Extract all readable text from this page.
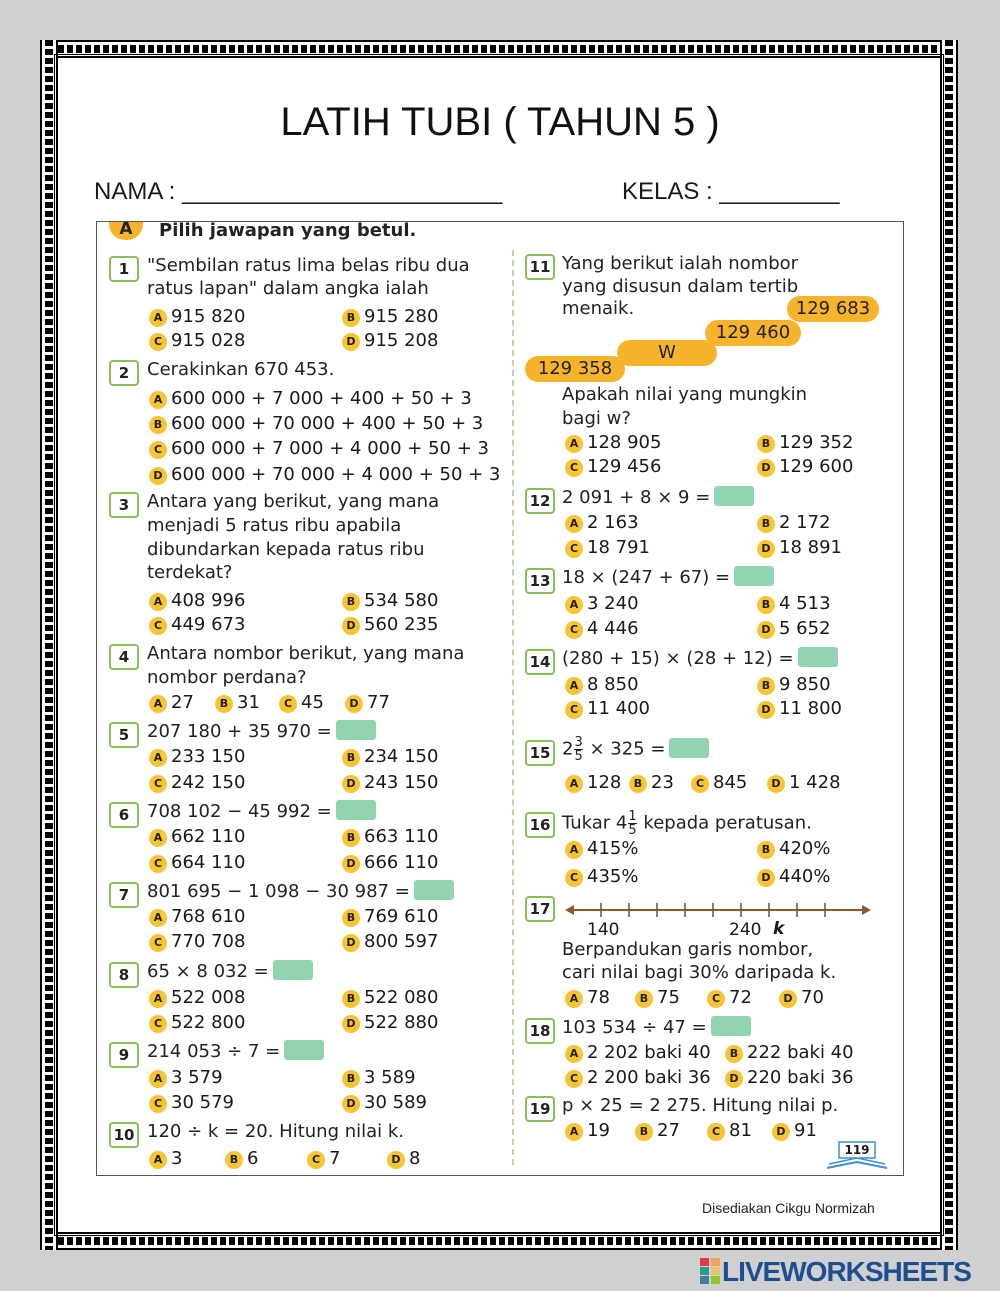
LATIH TUBI ( TAHUN 5 )
NAMA : ________________________	KELAS : _________
A	Pilih jawapan yang betul.
1 "Sembilan ratus lima belas ribu dua
ratus lapan" dalam angka ialah
A 915 820	B 915 280
C 915 028	D 915 208
2 Cerakinkan 670 453.
A 600 000 + 7 000 + 400 + 50 + 3
B 600 000 + 70 000 + 400 + 50 + 3
C 600 000 + 7 000 + 4 000 + 50 + 3
D 600 000 + 70 000 + 4 000 + 50 + 3
3 Antara yang berikut, yang mana
menjadi 5 ratus ribu apabila
dibundarkan kepada ratus ribu
terdekat?
A 408 996	B 534 580
C 449 673	D 560 235
4 Antara nombor berikut, yang mana
nombor perdana?
A 27	B 31	C 45	D 77
5 207 180 + 35 970 =
A 233 150	B 234 150
C 242 150	D 243 150
6 708 102 − 45 992 =
A 662 110	B 663 110
C 664 110	D 666 110
7 801 695 − 1 098 − 30 987 =
A 768 610	B 769 610
C 770 708	D 800 597
8 65 × 8 032 =
A 522 008	B 522 080
C 522 800	D 522 880
9 214 053 ÷ 7 =
A 3 579	B 3 589
C 30 579	D 30 589
10 120 ÷ k = 20. Hitung nilai k.
A 3	B 6	C 7	D 8
11 Yang berikut ialah nombor
yang disusun dalam tertib
menaik.	129 683
129 460
W
129 358
Apakah nilai yang mungkin
bagi w?
A 128 905	B 129 352
C 129 456	D 129 600
12 2 091 + 8 × 9 =
A 2 163	B 2 172
C 18 791	D 18 891
13 18 × (247 + 67) =
A 3 240	B 4 513
C 4 446	D 5 652
14 (280 + 15) × (28 + 12) =
A 8 850	B 9 850
C 11 400	D 11 800
15 $2 \frac{3}{5} \times 325$ =
A 128	B 23	C 845	D 1 428
16 Tukar $4 \frac{1}{5}$ kepada peratusan.
A 415%	B 420%
C 435%	D 440%
17
140	240 k
Berpandukan garis nombor,
cari nilai bagi 30% daripada k.
A 78	B 75	C 72	D 70
18 103 534 ÷ 47 =
A 2 202 baki 40	B 222 baki 40
C 2 200 baki 36	D 220 baki 36
19 p × 25 = 2 275. Hitung nilai p.
A 19	B 27	C 81	D 91
119
Disediakan Cikgu Normizah
LIVEWORKSHEETS
